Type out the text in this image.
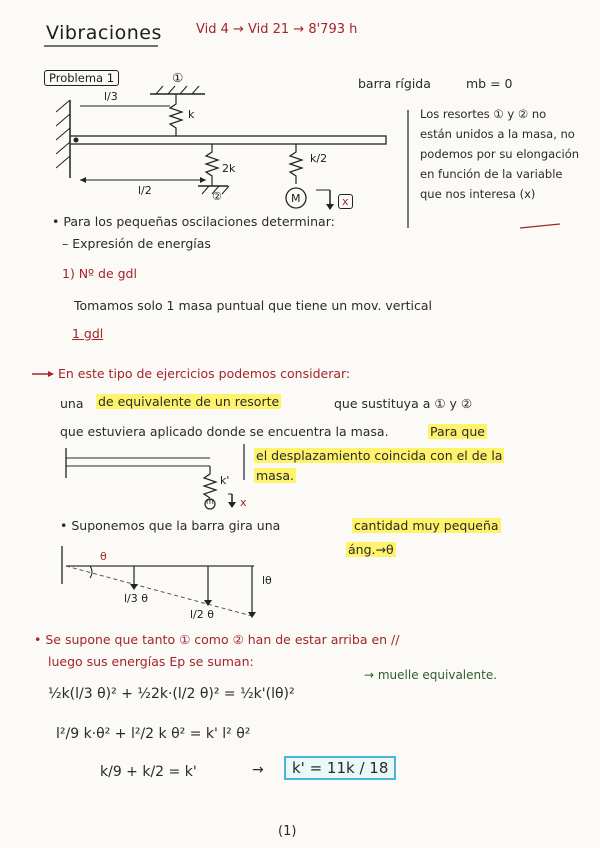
Vibraciones	Vid 4 → Vid 21 → 8'793 h
Problema 1	①	barra rígida	mb = 0
l/3
k
2k
k/2
l/2	②	M	x
Los resortes ① y ② no están unidos a la masa, no podemos por su elongación en función de la variable que nos interesa (x)
• Para los pequeñas oscilaciones determinar:
– Expresión de energías
1) Nº de gdl
Tomamos solo 1 masa puntual que tiene un mov. vertical
1 gdl
En este tipo de ejercicios podemos considerar:
una de equivalente de un resorte	que sustituya a ① y ②
que estuviera aplicado donde se encuentra la masa.	Para que
el desplazamiento coincida con el de la
masa.
k'
m x
• Suponemos que la barra gira una	cantidad muy pequeña
áng.→θ
θ
l/3 θ
l/2 θ
lθ
• Se supone que tanto ① como ② han de estar arriba en //
luego sus energías Ep se suman:
½k(l/3 θ)² + ½2k·(l/2 θ)² = ½k'(lθ)²
→ muelle equivalente.
l²/9 k·θ² + l²/2 k θ² = k' l² θ²
k/9 + k/2 = k'	→	k' = 11k / 18
(1)
